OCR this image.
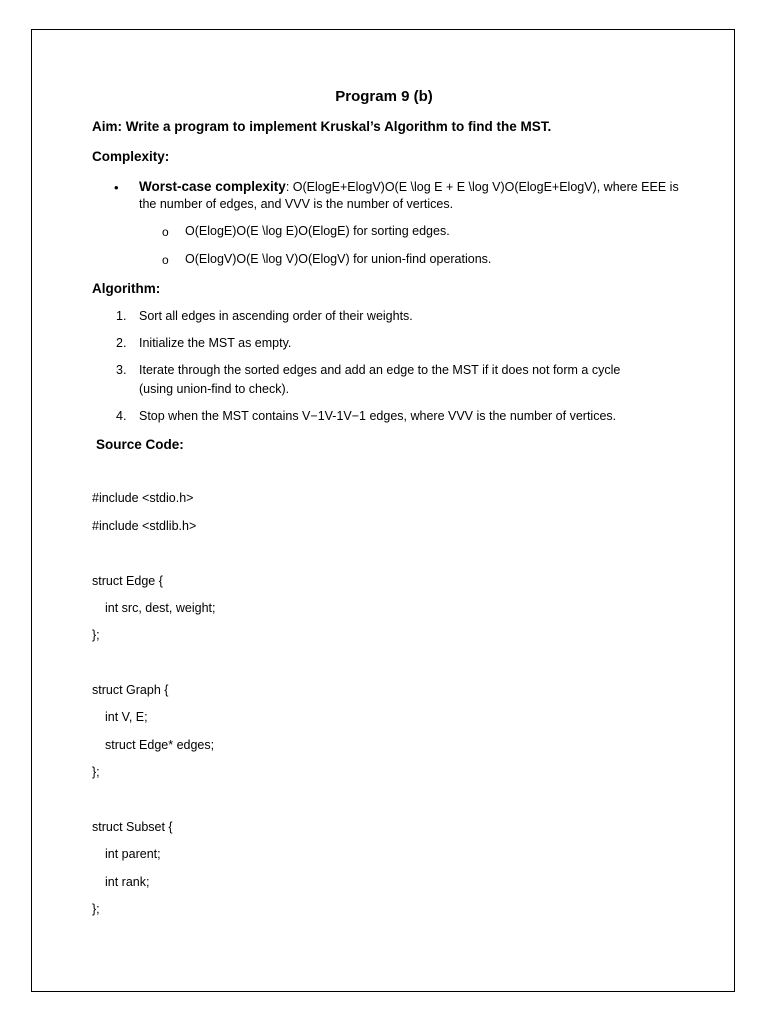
Program 9 (b)
Aim: Write a program to implement Kruskal’s Algorithm to find the MST.
Complexity:
• Worst-case complexity: O(ElogE+ElogV)O(E \log E + E \log V)O(ElogE+ElogV), where EEE is
the number of edges, and VVV is the number of vertices.
o O(ElogE)O(E \log E)O(ElogE) for sorting edges.
o O(ElogV)O(E \log V)O(ElogV) for union-find operations.
Algorithm:
1. Sort all edges in ascending order of their weights.
2. Initialize the MST as empty.
3. Iterate through the sorted edges and add an edge to the MST if it does not form a cycle
(using union-find to check).
4. Stop when the MST contains V−1V-1V−1 edges, where VVV is the number of vertices.
Source Code:
#include <stdio.h>
#include <stdlib.h>
struct Edge {
int src, dest, weight;
};
struct Graph {
int V, E;
struct Edge* edges;
};
struct Subset {
int parent;
int rank;
};
